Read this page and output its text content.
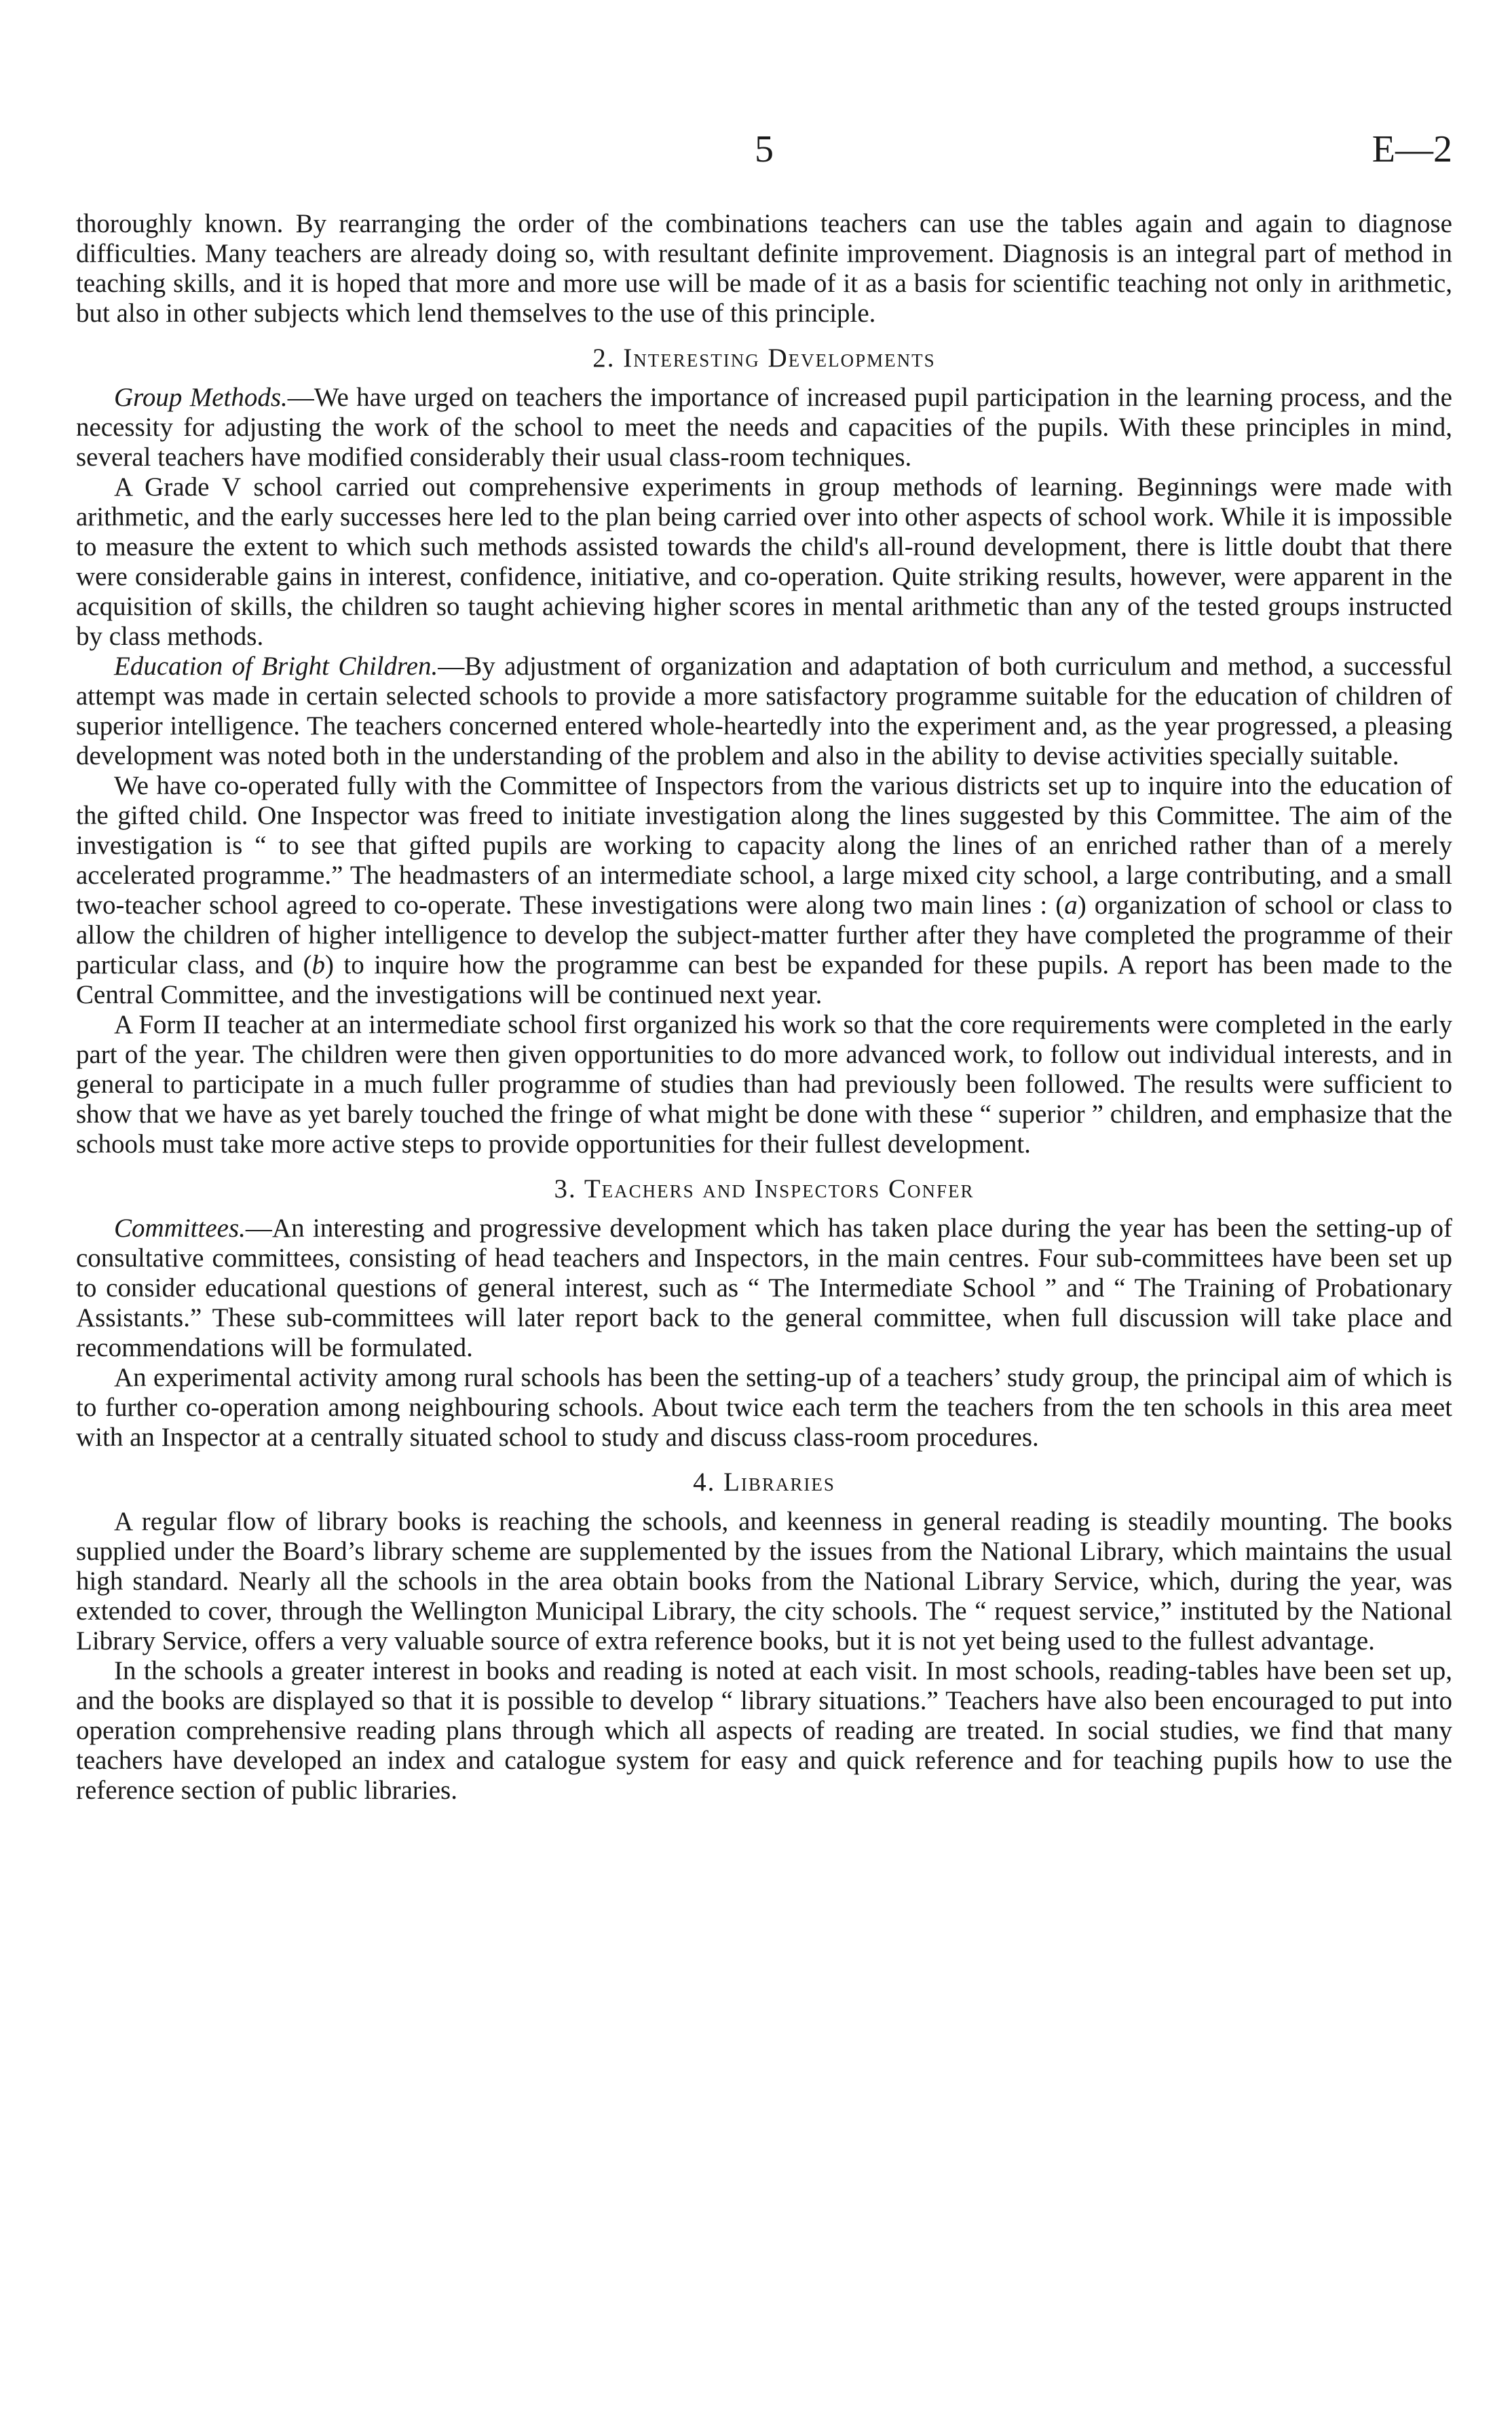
5	E—2

thoroughly known. By rearranging the order of the combinations teachers can use the tables again and again to diagnose difficulties. Many teachers are already doing so, with resultant definite improvement. Diagnosis is an integral part of method in teaching skills, and it is hoped that more and more use will be made of it as a basis for scientific teaching not only in arithmetic, but also in other subjects which lend themselves to the use of this principle.

2. Interesting Developments

Group Methods.—We have urged on teachers the importance of increased pupil participation in the learning process, and the necessity for adjusting the work of the school to meet the needs and capacities of the pupils. With these principles in mind, several teachers have modified considerably their usual class-room techniques.

A Grade V school carried out comprehensive experiments in group methods of learning. Beginnings were made with arithmetic, and the early successes here led to the plan being carried over into other aspects of school work. While it is impossible to measure the extent to which such methods assisted towards the child's all-round development, there is little doubt that there were considerable gains in interest, confidence, initiative, and co-operation. Quite striking results, however, were apparent in the acquisition of skills, the children so taught achieving higher scores in mental arithmetic than any of the tested groups instructed by class methods.

Education of Bright Children.—By adjustment of organization and adaptation of both curriculum and method, a successful attempt was made in certain selected schools to provide a more satisfactory programme suitable for the education of children of superior intelligence. The teachers concerned entered whole-heartedly into the experiment and, as the year progressed, a pleasing development was noted both in the understanding of the problem and also in the ability to devise activities specially suitable.

We have co-operated fully with the Committee of Inspectors from the various districts set up to inquire into the education of the gifted child. One Inspector was freed to initiate investigation along the lines suggested by this Committee. The aim of the investigation is “ to see that gifted pupils are working to capacity along the lines of an enriched rather than of a merely accelerated programme.” The headmasters of an intermediate school, a large mixed city school, a large contributing, and a small two-teacher school agreed to co-operate. These investigations were along two main lines : (a) organization of school or class to allow the children of higher intelligence to develop the subject-matter further after they have completed the programme of their particular class, and (b) to inquire how the programme can best be expanded for these pupils. A report has been made to the Central Committee, and the investigations will be continued next year.

A Form II teacher at an intermediate school first organized his work so that the core requirements were completed in the early part of the year. The children were then given opportunities to do more advanced work, to follow out individual interests, and in general to participate in a much fuller programme of studies than had previously been followed. The results were sufficient to show that we have as yet barely touched the fringe of what might be done with these “ superior ” children, and emphasize that the schools must take more active steps to provide opportunities for their fullest development.

3. Teachers and Inspectors Confer

Committees.—An interesting and progressive development which has taken place during the year has been the setting-up of consultative committees, consisting of head teachers and Inspectors, in the main centres. Four sub-committees have been set up to consider educational questions of general interest, such as “ The Intermediate School ” and “ The Training of Probationary Assistants.” These sub-committees will later report back to the general committee, when full discussion will take place and recommendations will be formulated.

An experimental activity among rural schools has been the setting-up of a teachers’ study group, the principal aim of which is to further co-operation among neighbouring schools. About twice each term the teachers from the ten schools in this area meet with an Inspector at a centrally situated school to study and discuss class-room procedures.

4. Libraries

A regular flow of library books is reaching the schools, and keenness in general reading is steadily mounting. The books supplied under the Board’s library scheme are supplemented by the issues from the National Library, which maintains the usual high standard. Nearly all the schools in the area obtain books from the National Library Service, which, during the year, was extended to cover, through the Wellington Municipal Library, the city schools. The “ request service,” instituted by the National Library Service, offers a very valuable source of extra reference books, but it is not yet being used to the fullest advantage.

In the schools a greater interest in books and reading is noted at each visit. In most schools, reading-tables have been set up, and the books are displayed so that it is possible to develop “ library situations.” Teachers have also been encouraged to put into operation comprehensive reading plans through which all aspects of reading are treated. In social studies, we find that many teachers have developed an index and catalogue system for easy and quick reference and for teaching pupils how to use the reference section of public libraries.
